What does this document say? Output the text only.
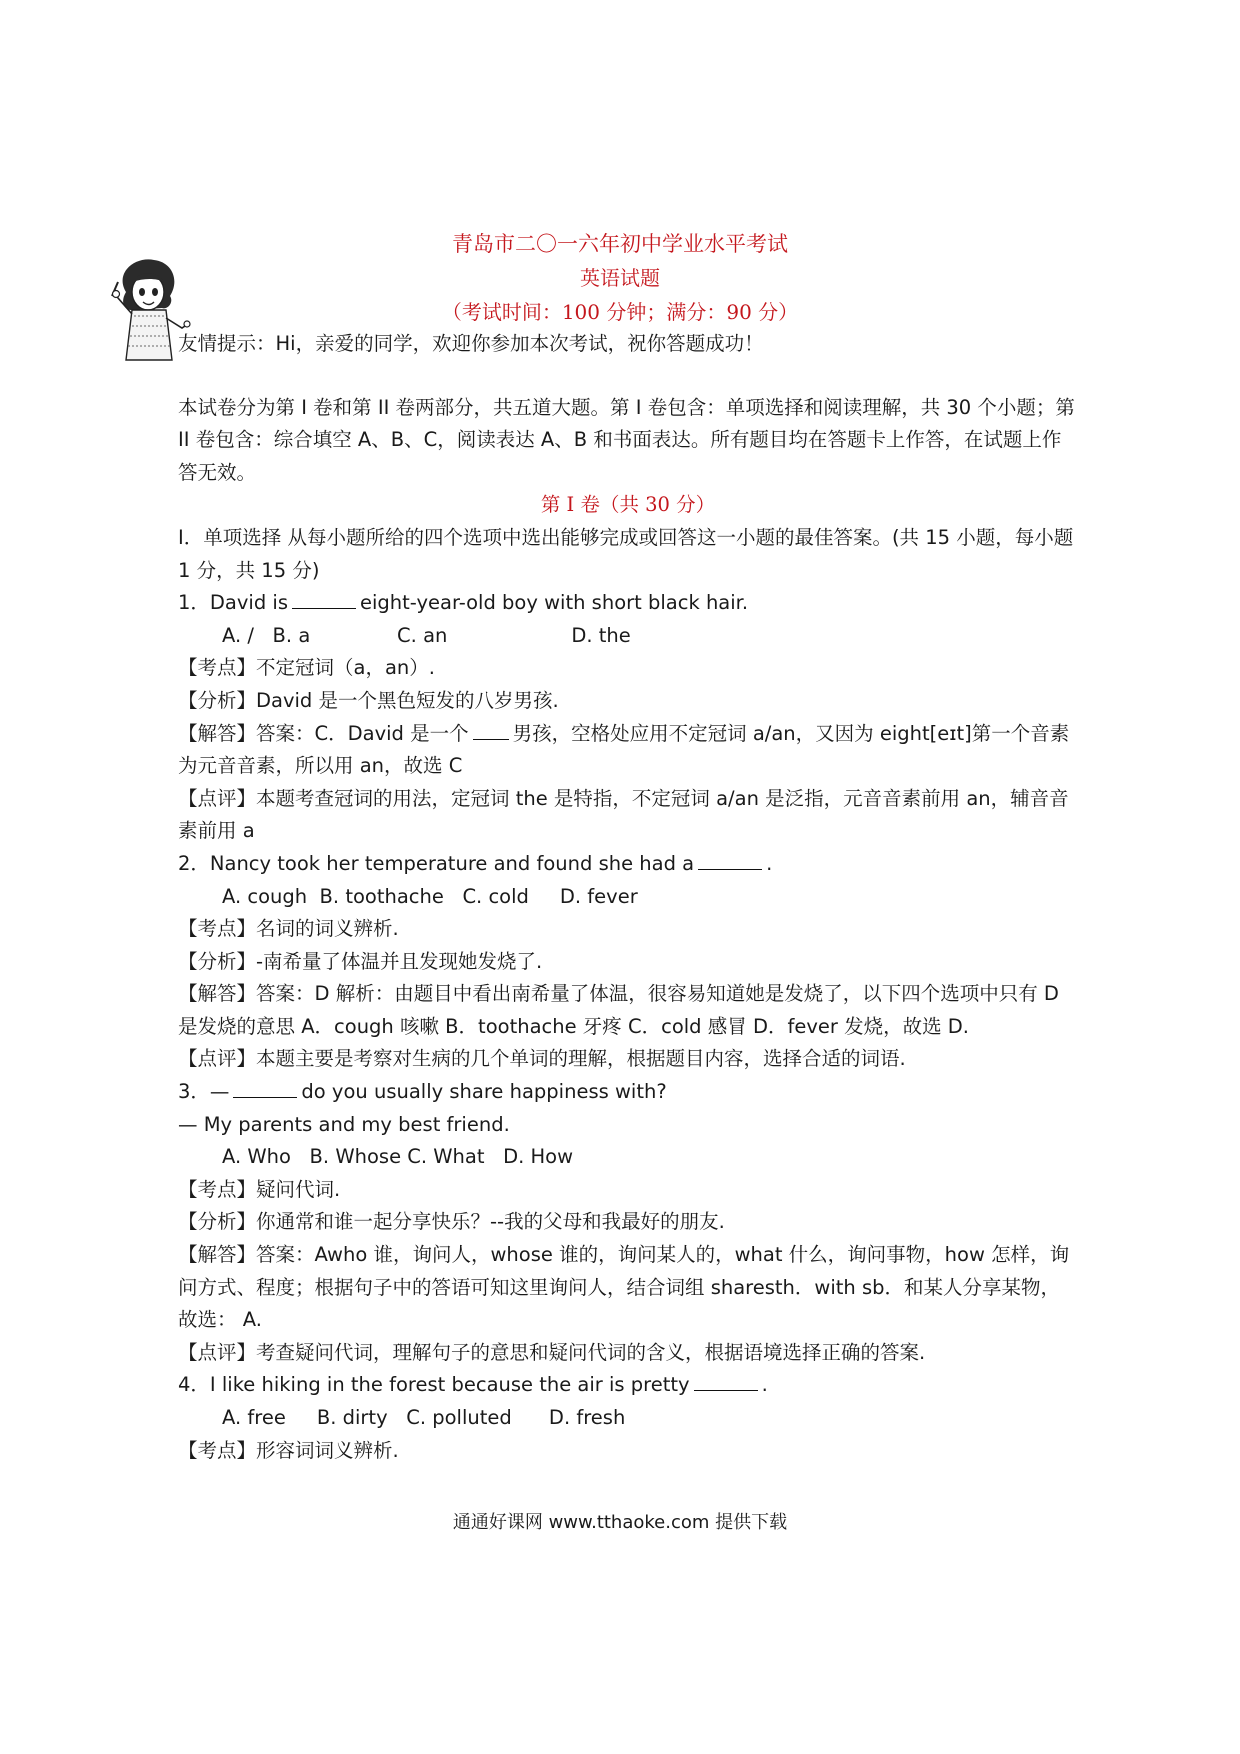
青岛市二〇一六年初中学业水平考试
英语试题
（考试时间：100 分钟；满分：90 分）

友情提示：Hi，亲爱的同学，欢迎你参加本次考试，祝你答题成功！

本试卷分为第 I 卷和第 II 卷两部分，共五道大题。第 I 卷包含：单项选择和阅读理解，共 30 个小题；第 II 卷包含：综合填空 A、B、C，阅读表达 A、B 和书面表达。所有题目均在答题卡上作答，在试题上作答无效。

第 I 卷（共 30 分）

I．单项选择 从每小题所给的四个选项中选出能够完成或回答这一小题的最佳答案。(共 15 小题，每小题 1 分，共 15 分)

1．David is	eight-year-old boy with short black hair.

A. /   B. a              C. an                    D. the

【考点】不定冠词（a，an）.

【分析】David 是一个黑色短发的八岁男孩.

【解答】答案：C．David 是一个 男孩，空格处应用不定冠词 a/an，又因为 eight[eɪt]第一个音素为元音音素，所以用 an，故选 C

【点评】本题考查冠词的用法，定冠词 the 是特指，不定冠词 a/an 是泛指，元音音素前用 an，辅音音素前用 a

2．Nancy took her temperature and found she had a	.

A. cough  B. toothache   C. cold     D. fever

【考点】名词的词义辨析.

【分析】-南希量了体温并且发现她发烧了.

【解答】答案：D 解析：由题目中看出南希量了体温，很容易知道她是发烧了，以下四个选项中只有 D 是发烧的意思 A．cough 咳嗽 B．toothache 牙疼 C．cold 感冒 D．fever 发烧，故选 D.

【点评】本题主要是考察对生病的几个单词的理解，根据题目内容，选择合适的词语.

3．—	do you usually share happiness with?

— My parents and my best friend.

A. Who   B. Whose C. What   D. How

【考点】疑问代词.

【分析】你通常和谁一起分享快乐？--我的父母和我最好的朋友.

【解答】答案：Awho 谁，询问人，whose 谁的，询问某人的，what 什么，询问事物，how 怎样，询问方式、程度；根据句子中的答语可知这里询问人，结合词组 sharesth．with sb．和某人分享某物，故选： A.

【点评】考查疑问代词，理解句子的意思和疑问代词的含义，根据语境选择正确的答案.

4．I like hiking in the forest because the air is pretty	.

A. free     B. dirty   C. polluted      D. fresh

【考点】形容词词义辨析.

通通好课网 www.tthaoke.com 提供下载
